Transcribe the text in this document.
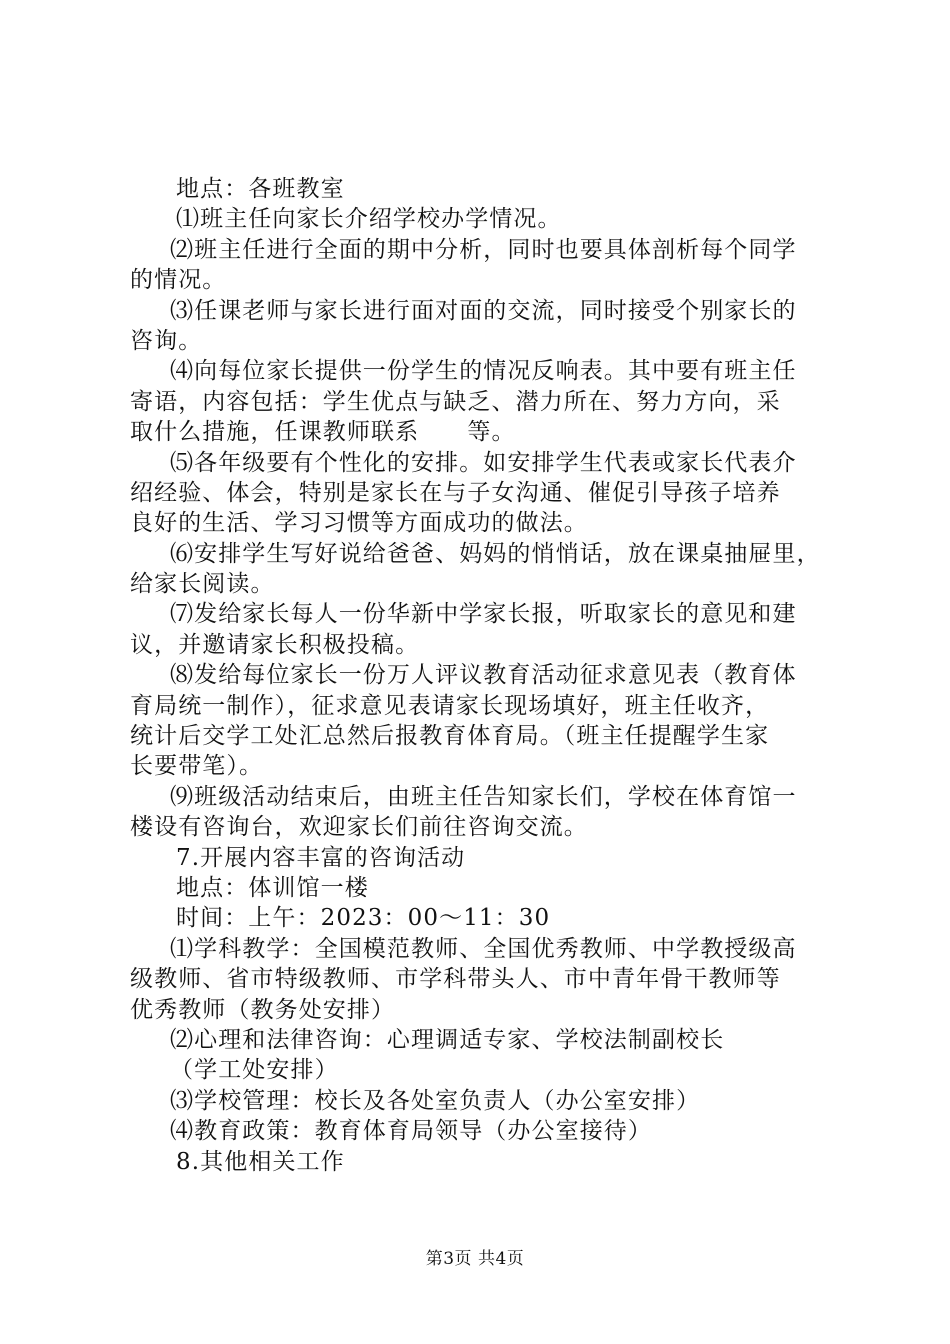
地点：各班教室
⑴班主任向家长介绍学校办学情况。
⑵班主任进行全面的期中分析，同时也要具体剖析每个同学
的情况。
⑶任课老师与家长进行面对面的交流，同时接受个别家长的
咨询。
⑷向每位家长提供一份学生的情况反响表。其中要有班主任
寄语，内容包括：学生优点与缺乏、潜力所在、努力方向，采
取什么措施，任课教师联系　　等。
⑸各年级要有个性化的安排。如安排学生代表或家长代表介
绍经验、体会，特别是家长在与子女沟通、催促引导孩子培养
良好的生活、学习习惯等方面成功的做法。
⑹安排学生写好说给爸爸、妈妈的悄悄话，放在课桌抽屉里，
给家长阅读。
⑺发给家长每人一份华新中学家长报，听取家长的意见和建
议，并邀请家长积极投稿。
⑻发给每位家长一份万人评议教育活动征求意见表（教育体
育局统一制作），征求意见表请家长现场填好，班主任收齐，
统计后交学工处汇总然后报教育体育局。（班主任提醒学生家
长要带笔）。
⑼班级活动结束后，由班主任告知家长们，学校在体育馆一
楼设有咨询台，欢迎家长们前往咨询交流。
7.开展内容丰富的咨询活动
地点：体训馆一楼
时间：上午：2023：00～11：30
⑴学科教学：全国模范教师、全国优秀教师、中学教授级高
级教师、省市特级教师、市学科带头人、市中青年骨干教师等
优秀教师（教务处安排）
⑵心理和法律咨询：心理调适专家、学校法制副校长
（学工处安排）
⑶学校管理：校长及各处室负责人（办公室安排）
⑷教育政策：教育体育局领导（办公室接待）
8.其他相关工作
第3页 共4页
